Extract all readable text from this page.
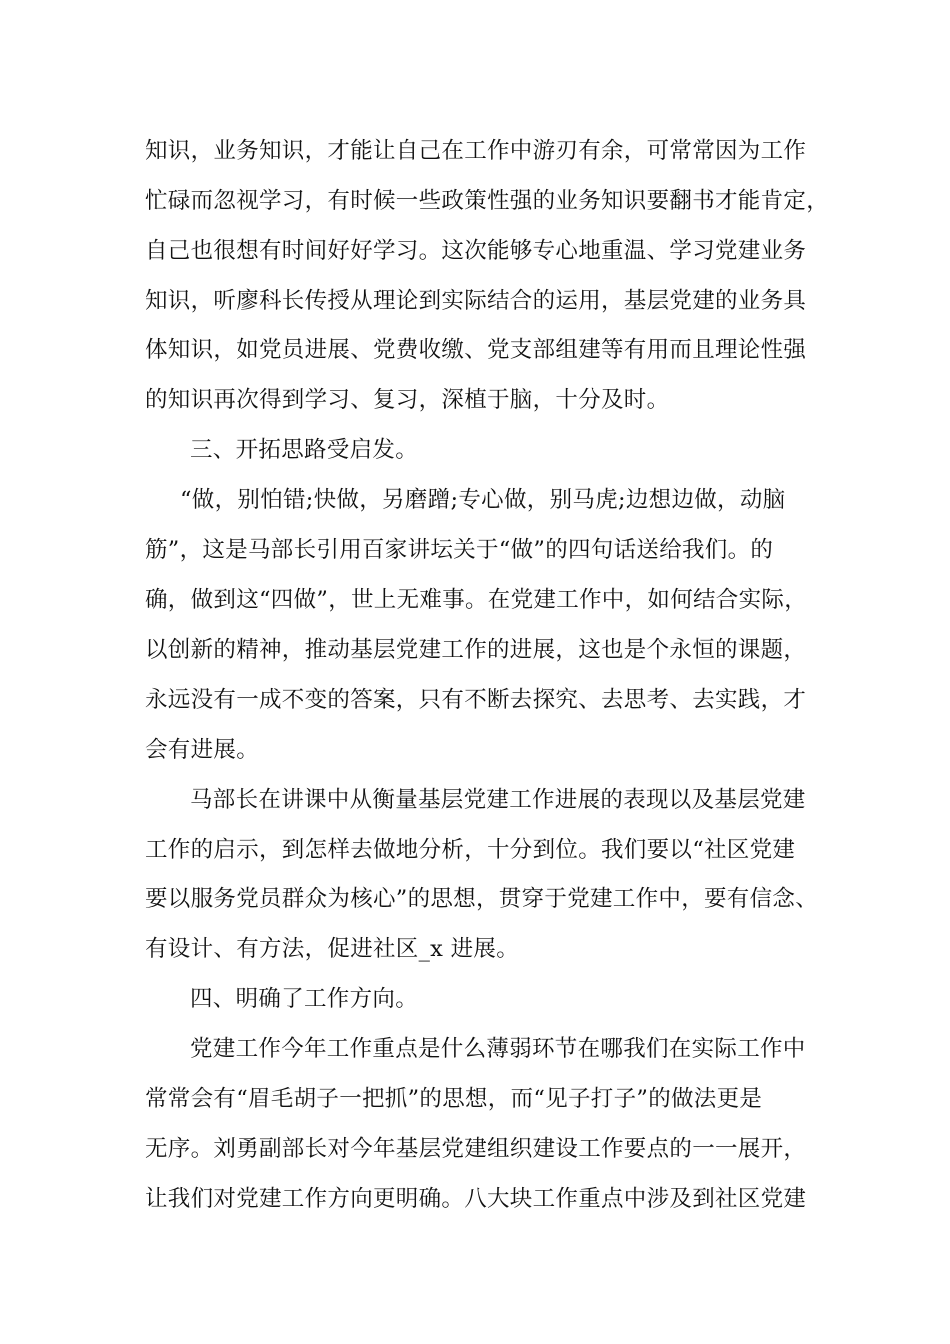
知识，业务知识，才能让自己在工作中游刃有余，可常常因为工作
忙碌而忽视学习，有时候一些政策性强的业务知识要翻书才能肯定，
自己也很想有时间好好学习。这次能够专心地重温、学习党建业务
知识，听廖科长传授从理论到实际结合的运用，基层党建的业务具
体知识，如党员进展、党费收缴、党支部组建等有用而且理论性强
的知识再次得到学习、复习，深植于脑，十分及时。
三、开拓思路受启发。
“做，别怕错;快做，另磨蹭;专心做，别马虎;边想边做，动脑
筋”，这是马部长引用百家讲坛关于“做”的四句话送给我们。的
确，做到这“四做”，世上无难事。在党建工作中，如何结合实际，
以创新的精神，推动基层党建工作的进展，这也是个永恒的课题，
永远没有一成不变的答案，只有不断去探究、去思考、去实践，才
会有进展。
马部长在讲课中从衡量基层党建工作进展的表现以及基层党建
工作的启示，到怎样去做地分析，十分到位。我们要以“社区党建
要以服务党员群众为核心”的思想，贯穿于党建工作中，要有信念、
有设计、有方法，促进社区_x 进展。
四、明确了工作方向。
党建工作今年工作重点是什么薄弱环节在哪我们在实际工作中
常常会有“眉毛胡子一把抓”的思想，而“见子打子”的做法更是
无序。刘勇副部长对今年基层党建组织建设工作要点的一一展开，
让我们对党建工作方向更明确。八大块工作重点中涉及到社区党建
